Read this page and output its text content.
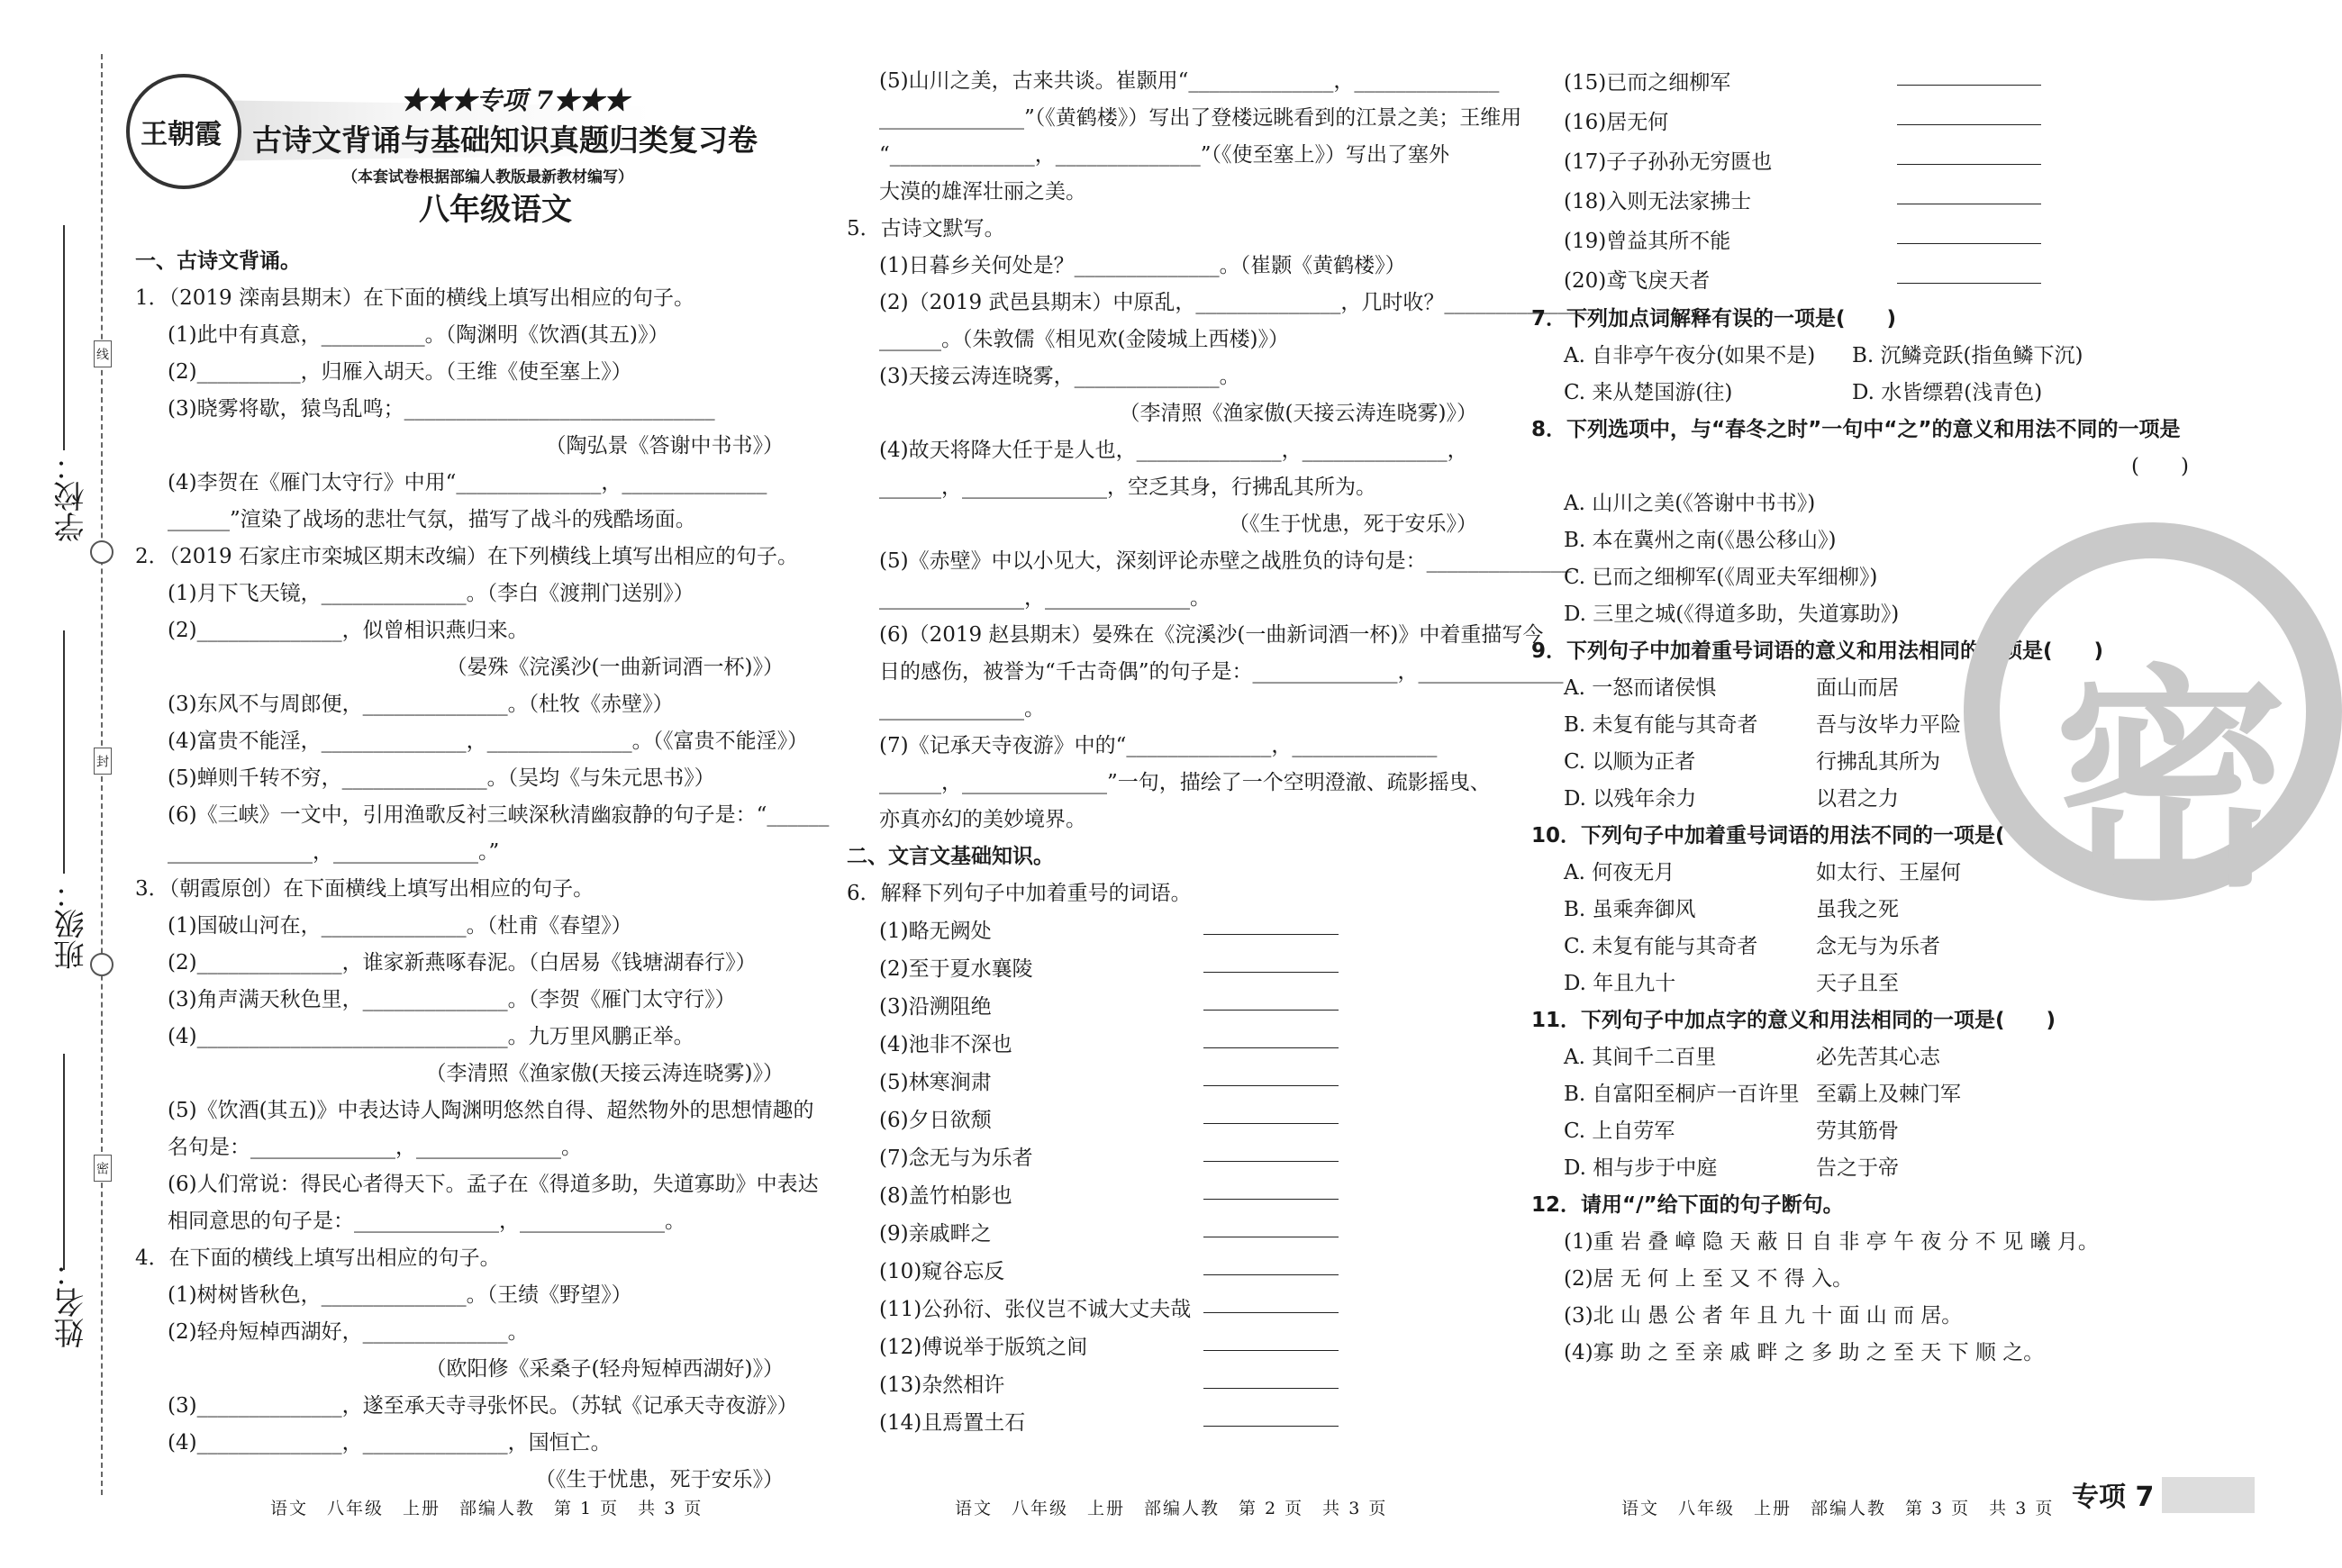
学校：
线
班级：
封
姓名：
密
王朝霞
★★★专项 7★★★
古诗文背诵与基础知识真题归类复习卷
（本套试卷根据部编人教版最新教材编写）
八年级语文
一、古诗文背诵。
1．（2019 滦南县期末）在下面的横线上填写出相应的句子。
(1)此中有真意，__________。（陶渊明《饮酒(其五)》）
(2)__________，归雁入胡天。（王维《使至塞上》）
(3)晓雾将歇，猿鸟乱鸣；______________________________
（陶弘景《答谢中书书》）
(4)李贺在《雁门太守行》中用“______________，______________
______”渲染了战场的悲壮气氛，描写了战斗的残酷场面。
2．（2019 石家庄市栾城区期末改编）在下列横线上填写出相应的句子。
(1)月下飞天镜，______________。（李白《渡荆门送别》）
(2)______________，似曾相识燕归来。
（晏殊《浣溪沙(一曲新词酒一杯)》）
(3)东风不与周郎便，______________。（杜牧《赤壁》）
(4)富贵不能淫，______________，______________。（《富贵不能淫》）
(5)蝉则千转不穷，______________。（吴均《与朱元思书》）
(6)《三峡》一文中，引用渔歌反衬三峡深秋清幽寂静的句子是：“______
______________，______________。”
3．（朝霞原创）在下面横线上填写出相应的句子。
(1)国破山河在，______________。（杜甫《春望》）
(2)______________，谁家新燕啄春泥。（白居易《钱塘湖春行》）
(3)角声满天秋色里，______________。（李贺《雁门太守行》）
(4)______________________________。九万里风鹏正举。
（李清照《渔家傲(天接云涛连晓雾)》）
(5)《饮酒(其五)》中表达诗人陶渊明悠然自得、超然物外的思想情趣的
名句是：______________，______________。
(6)人们常说：得民心者得天下。孟子在《得道多助，失道寡助》中表达
相同意思的句子是：______________，______________。
4．在下面的横线上填写出相应的句子。
(1)树树皆秋色，______________。（王绩《野望》）
(2)轻舟短棹西湖好，______________。
（欧阳修《采桑子(轻舟短棹西湖好)》）
(3)______________，遂至承天寺寻张怀民。（苏轼《记承天寺夜游》）
(4)______________，______________，国恒亡。
（《生于忧患，死于安乐》）
(5)山川之美，古来共谈。崔颢用“______________，______________
______________”（《黄鹤楼》）写出了登楼远眺看到的江景之美；王维用
“______________，______________”（《使至塞上》）写出了塞外
大漠的雄浑壮丽之美。
5．古诗文默写。
(1)日暮乡关何处是？______________。（崔颢《黄鹤楼》）
(2)（2019 武邑县期末）中原乱，______________，几时收？______________
______。（朱敦儒《相见欢(金陵城上西楼)》）
(3)天接云涛连晓雾，______________。
（李清照《渔家傲(天接云涛连晓雾)》）
(4)故天将降大任于是人也，______________，______________，
______，______________，空乏其身，行拂乱其所为。
（《生于忧患，死于安乐》）
(5)《赤壁》中以小见大，深刻评论赤壁之战胜负的诗句是：______________
______________，______________。
(6)（2019 赵县期末）晏殊在《浣溪沙(一曲新词酒一杯)》中着重描写今
日的感伤，被誉为“千古奇偶”的句子是：______________，______________
______________。
(7)《记承天寺夜游》中的“______________，______________
______，______________”一句，描绘了一个空明澄澈、疏影摇曳、
亦真亦幻的美妙境界。
二、文言文基础知识。
6．解释下列句子中加着重号的词语。
(1)略无阙处
(2)至于夏水襄陵
(3)沿溯阻绝
(4)池非不深也
(5)林寒涧肃
(6)夕日欲颓
(7)念无与为乐者
(8)盖竹柏影也
(9)亲戚畔之
(10)窥谷忘反
(11)公孙衍、张仪岂不诚大丈夫哉
(12)傅说举于版筑之间
(13)杂然相许
(14)且焉置土石
(15)已而之细柳军
(16)居无何
(17)子子孙孙无穷匮也
(18)入则无法家拂士
(19)曾益其所不能
(20)鸢飞戾天者
7．下列加点词解释有误的一项是(　　)
A. 自非亭午夜分(如果不是)	B. 沉鳞竞跃(指鱼鳞下沉)
C. 来从楚国游(往)	D. 水皆缥碧(浅青色)
8．下列选项中，与“春冬之时”一句中“之”的意义和用法不同的一项是
(　　)
A. 山川之美(《答谢中书书》)
B. 本在冀州之南(《愚公移山》)
C. 已而之细柳军(《周亚夫军细柳》)
D. 三里之城(《得道多助，失道寡助》)
9．下列句子中加着重号词语的意义和用法相同的一项是(　　)
A. 一怒而诸侯惧	面山而居
B. 未复有能与其奇者	吾与汝毕力平险
C. 以顺为正者	行拂乱其所为
D. 以残年余力	以君之力
10．下列句子中加着重号词语的用法不同的一项是(　　)
A. 何夜无月	如太行、王屋何
B. 虽乘奔御风	虽我之死
C. 未复有能与其奇者	念无与为乐者
D. 年且九十	天子且至
11．下列句子中加点字的意义和用法相同的一项是(　　)
A. 其间千二百里	必先苦其心志
B. 自富阳至桐庐一百许里 至霸上及棘门军
C. 上自劳军	劳其筋骨
D. 相与步于中庭	告之于帝
12．请用“/”给下面的句子断句。
(1)重 岩 叠 嶂 隐 天 蔽 日 自 非 亭 午 夜 分 不 见 曦 月。
(2)居 无 何 上 至 又 不 得 入。
(3)北 山 愚 公 者 年 且 九 十 面 山 而 居。
(4)寡 助 之 至 亲 戚 畔 之 多 助 之 至 天 下 顺 之。
密
语文　八年级　上册　部编人教　第 1 页　共 3 页	语文　八年级　上册　部编人教　第 2 页　共 3 页	语文　八年级　上册　部编人教　第 3 页　共 3 页 专项 7
